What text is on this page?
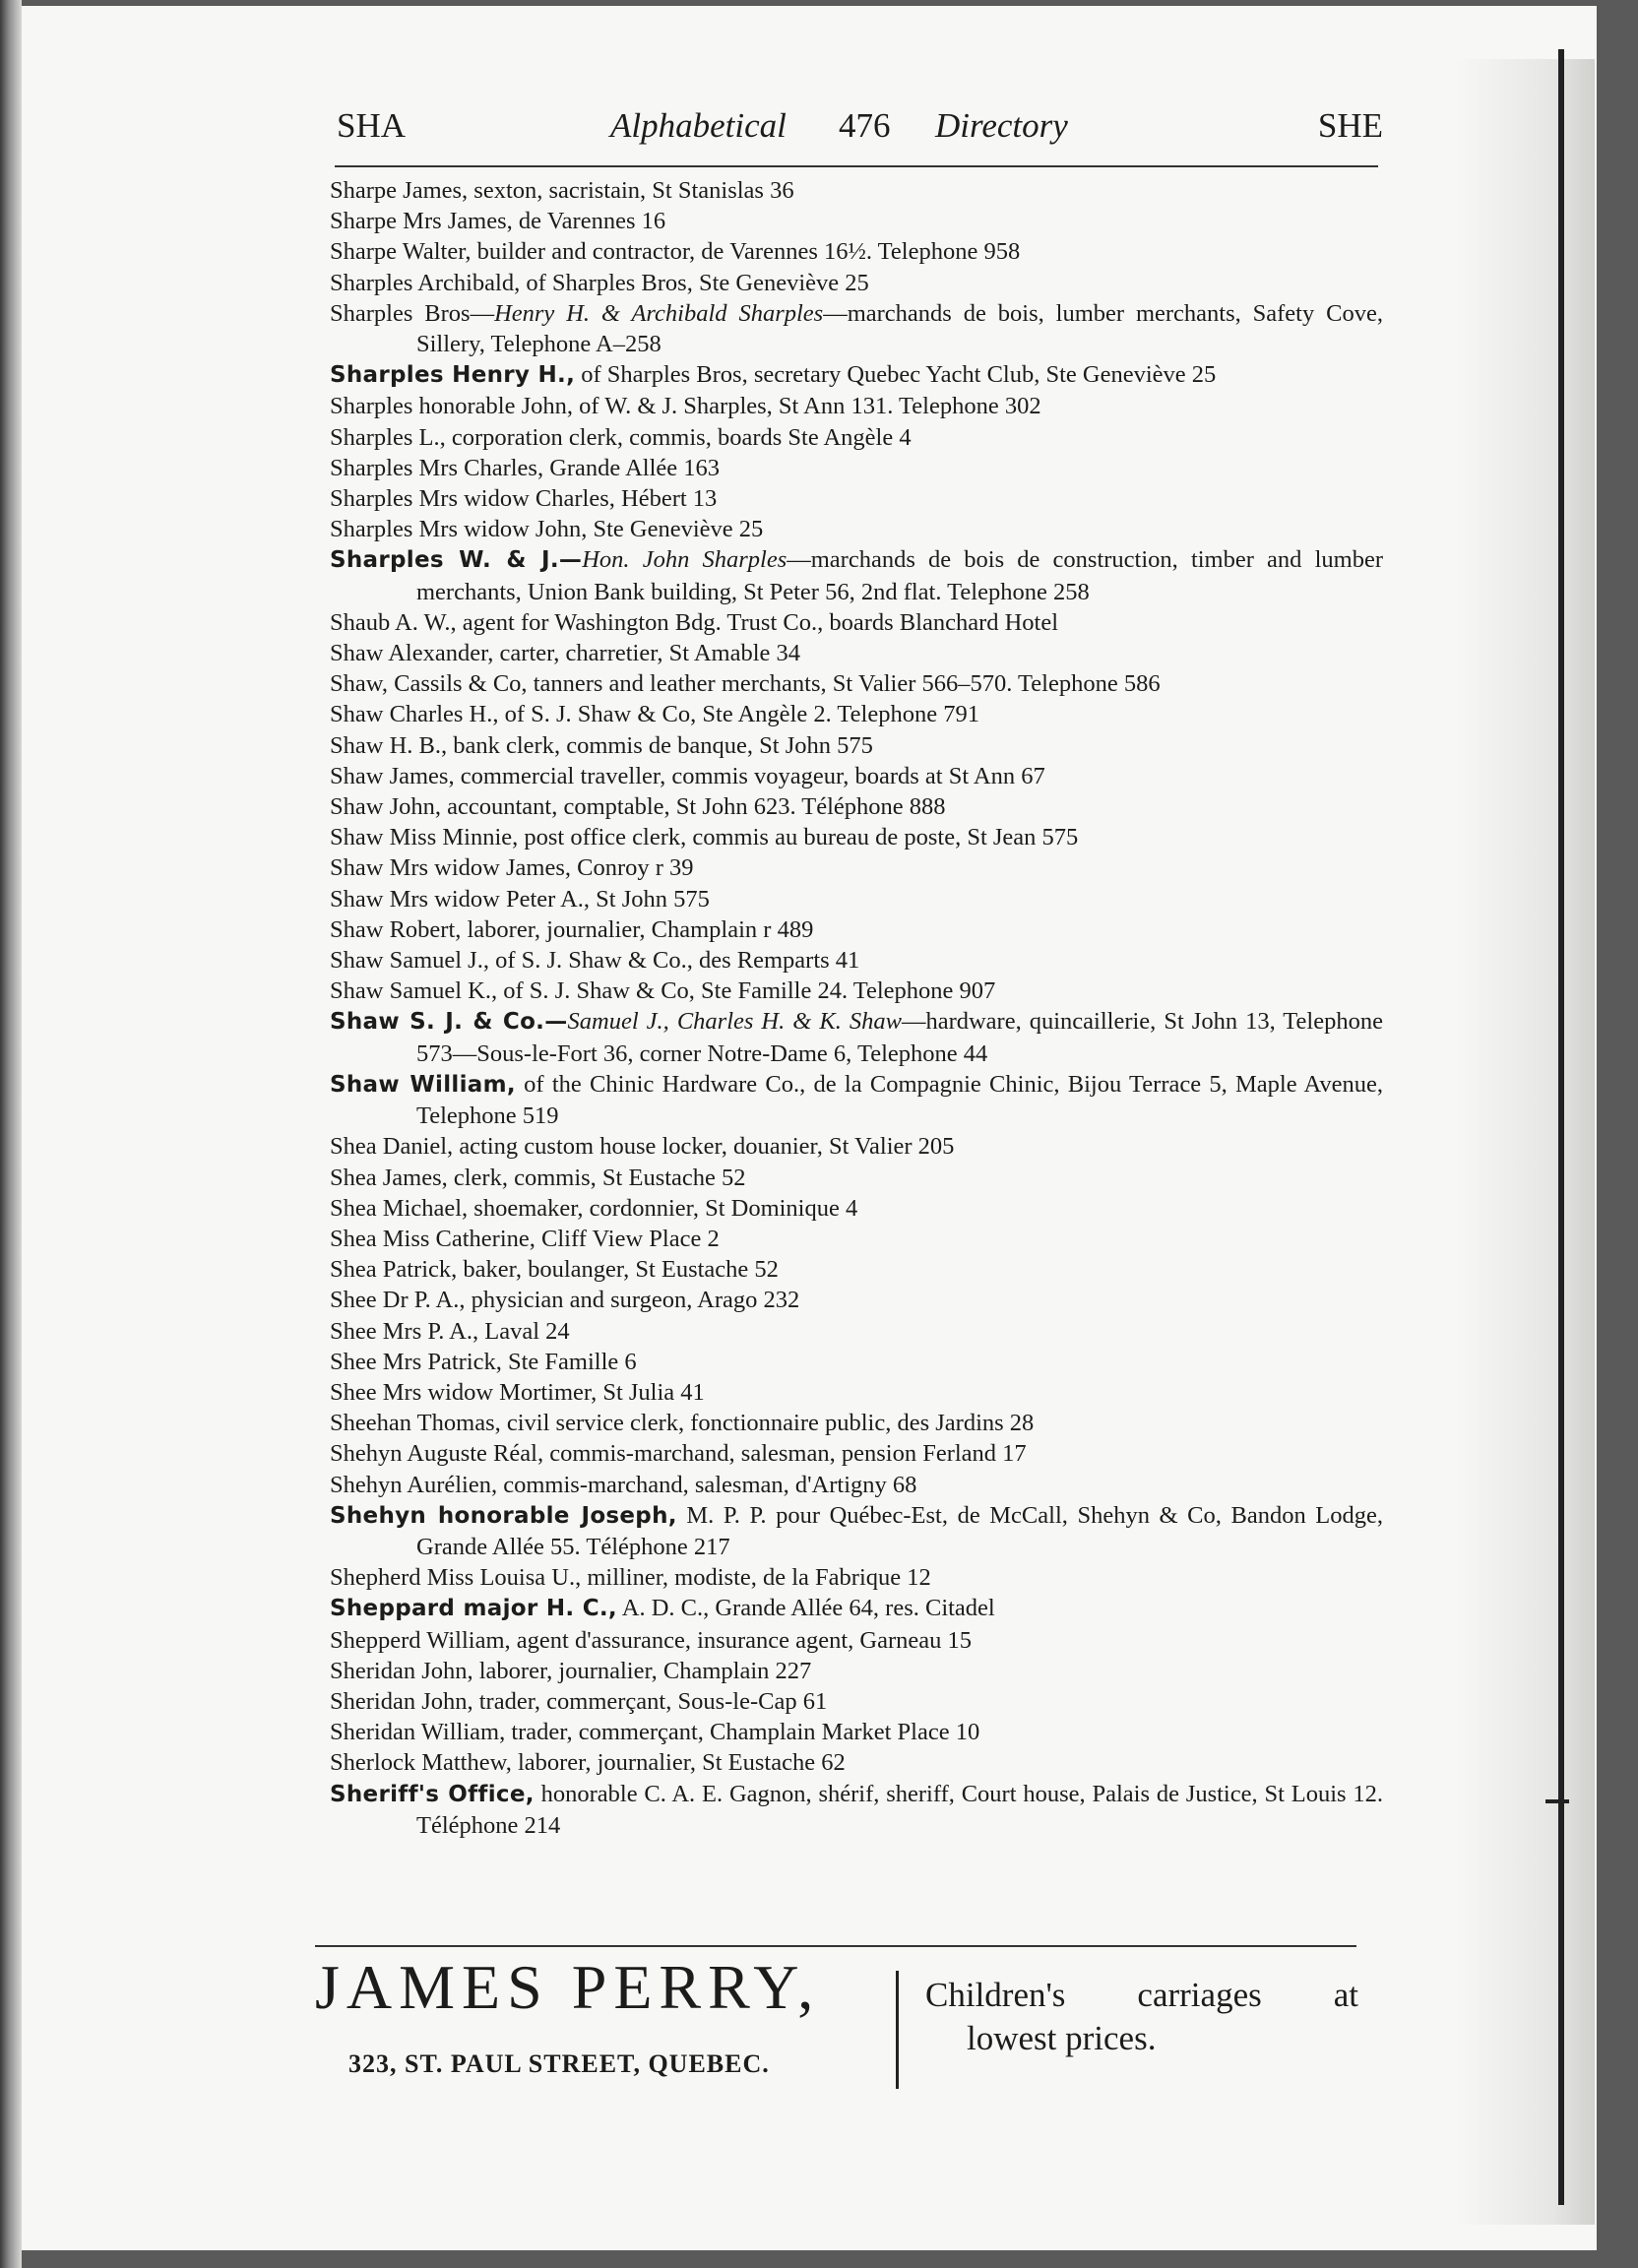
SHA	Alphabetical 476 Directory	SHE

Sharpe James, sexton, sacristain, St Stanislas 36

Sharpe Mrs James, de Varennes 16

Sharpe Walter, builder and contractor, de Varennes 16½. Telephone 958

Sharples Archibald, of Sharples Bros, Ste Geneviève 25

Sharples Bros—Henry H. & Archibald Sharples—marchands de bois, lumber merchants, Safety Cove, Sillery, Telephone A–258

Sharples Henry H., of Sharples Bros, secretary Quebec Yacht Club, Ste Geneviève 25

Sharples honorable John, of W. & J. Sharples, St Ann 131. Telephone 302

Sharples L., corporation clerk, commis, boards Ste Angèle 4

Sharples Mrs Charles, Grande Allée 163

Sharples Mrs widow Charles, Hébert 13

Sharples Mrs widow John, Ste Geneviève 25

Sharples W. & J.—Hon. John Sharples—marchands de bois de construction, timber and lumber merchants, Union Bank building, St Peter 56, 2nd flat. Telephone 258

Shaub A. W., agent for Washington Bdg. Trust Co., boards Blanchard Hotel

Shaw Alexander, carter, charretier, St Amable 34

Shaw, Cassils & Co, tanners and leather merchants, St Valier 566–570. Telephone 586

Shaw Charles H., of S. J. Shaw & Co, Ste Angèle 2. Telephone 791

Shaw H. B., bank clerk, commis de banque, St John 575

Shaw James, commercial traveller, commis voyageur, boards at St Ann 67

Shaw John, accountant, comptable, St John 623. Téléphone 888

Shaw Miss Minnie, post office clerk, commis au bureau de poste, St Jean 575

Shaw Mrs widow James, Conroy r 39

Shaw Mrs widow Peter A., St John 575

Shaw Robert, laborer, journalier, Champlain r 489

Shaw Samuel J., of S. J. Shaw & Co., des Remparts 41

Shaw Samuel K., of S. J. Shaw & Co, Ste Famille 24. Telephone 907

Shaw S. J. & Co.—Samuel J., Charles H. & K. Shaw—hardware, quincaillerie, St John 13, Telephone 573—Sous-le-Fort 36, corner Notre-Dame 6, Telephone 44

Shaw William, of the Chinic Hardware Co., de la Compagnie Chinic, Bijou Terrace 5, Maple Avenue, Telephone 519

Shea Daniel, acting custom house locker, douanier, St Valier 205

Shea James, clerk, commis, St Eustache 52

Shea Michael, shoemaker, cordonnier, St Dominique 4

Shea Miss Catherine, Cliff View Place 2

Shea Patrick, baker, boulanger, St Eustache 52

Shee Dr P. A., physician and surgeon, Arago 232

Shee Mrs P. A., Laval 24

Shee Mrs Patrick, Ste Famille 6

Shee Mrs widow Mortimer, St Julia 41

Sheehan Thomas, civil service clerk, fonctionnaire public, des Jardins 28

Shehyn Auguste Réal, commis-marchand, salesman, pension Ferland 17

Shehyn Aurélien, commis-marchand, salesman, d'Artigny 68

Shehyn honorable Joseph, M. P. P. pour Québec-Est, de McCall, Shehyn & Co, Bandon Lodge, Grande Allée 55. Téléphone 217

Shepherd Miss Louisa U., milliner, modiste, de la Fabrique 12

Sheppard major H. C., A. D. C., Grande Allée 64, res. Citadel

Shepperd William, agent d'assurance, insurance agent, Garneau 15

Sheridan John, laborer, journalier, Champlain 227

Sheridan John, trader, commerçant, Sous-le-Cap 61

Sheridan William, trader, commerçant, Champlain Market Place 10

Sherlock Matthew, laborer, journalier, St Eustache 62

Sheriff's Office, honorable C. A. E. Gagnon, shérif, sheriff, Court house, Palais de Justice, St Louis 12. Téléphone 214

JAMES PERRY,
323, ST. PAUL STREET, QUEBEC.
Children's carriages at
lowest prices.
